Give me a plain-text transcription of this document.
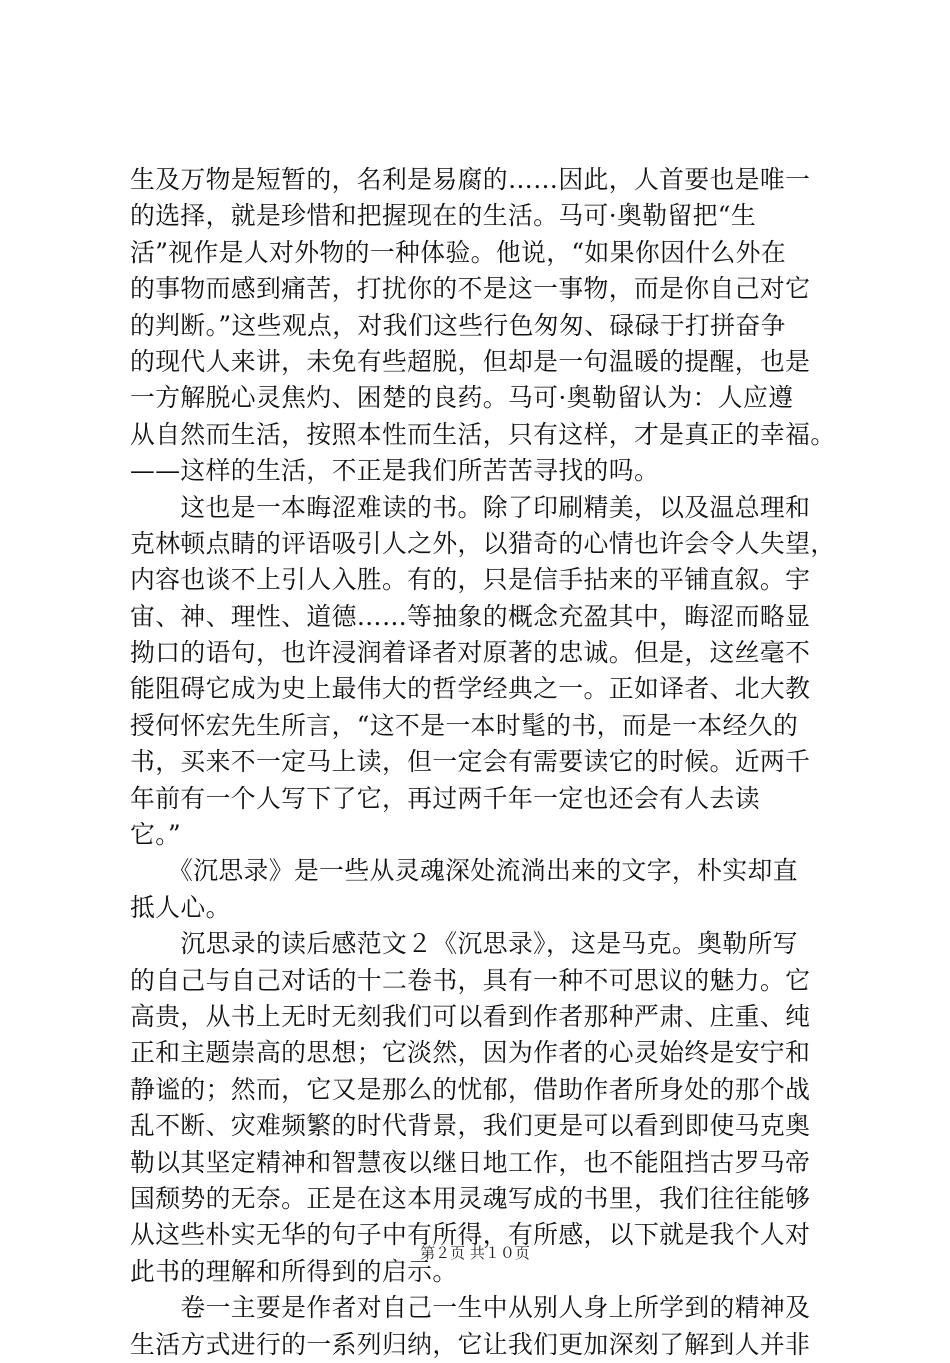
生及万物是短暂的，名利是易腐的……因此，人首要也是唯一
的选择，就是珍惜和把握现在的生活。马可·奥勒留把“生
活”视作是人对外物的一种体验。他说，“如果你因什么外在
的事物而感到痛苦，打扰你的不是这一事物，而是你自己对它
的判断。”这些观点，对我们这些行色匆匆、碌碌于打拼奋争
的现代人来讲，未免有些超脱，但却是一句温暖的提醒，也是
一方解脱心灵焦灼、困楚的良药。马可·奥勒留认为：人应遵
从自然而生活，按照本性而生活，只有这样，才是真正的幸福。
——这样的生活，不正是我们所苦苦寻找的吗。
　　这也是一本晦涩难读的书。除了印刷精美，以及温总理和
克林顿点睛的评语吸引人之外，以猎奇的心情也许会令人失望，
内容也谈不上引人入胜。有的，只是信手拈来的平铺直叙。宇
宙、神、理性、道德……等抽象的概念充盈其中，晦涩而略显
拗口的语句，也许浸润着译者对原著的忠诚。但是，这丝毫不
能阻碍它成为史上最伟大的哲学经典之一。正如译者、北大教
授何怀宏先生所言，“这不是一本时髦的书，而是一本经久的
书，买来不一定马上读，但一定会有需要读它的时候。近两千
年前有一个人写下了它，再过两千年一定也还会有人去读
它。”
　　《沉思录》是一些从灵魂深处流淌出来的文字，朴实却直
抵人心。
　　沉思录的读后感范文２《沉思录》，这是马克。奥勒所写
的自己与自己对话的十二卷书，具有一种不可思议的魅力。它
高贵，从书上无时无刻我们可以看到作者那种严肃、庄重、纯
正和主题崇高的思想；它淡然，因为作者的心灵始终是安宁和
静谧的；然而，它又是那么的忧郁，借助作者所身处的那个战
乱不断、灾难频繁的时代背景，我们更是可以看到即使马克奥
勒以其坚定精神和智慧夜以继日地工作，也不能阻挡古罗马帝
国颓势的无奈。正是在这本用灵魂写成的书里，我们往往能够
从这些朴实无华的句子中有所得，有所感，以下就是我个人对
此书的理解和所得到的启示。
　　卷一主要是作者对自己一生中从别人身上所学到的精神及
生活方式进行的一系列归纳，它让我们更加深刻了解到人并非
第２页 共１０页
